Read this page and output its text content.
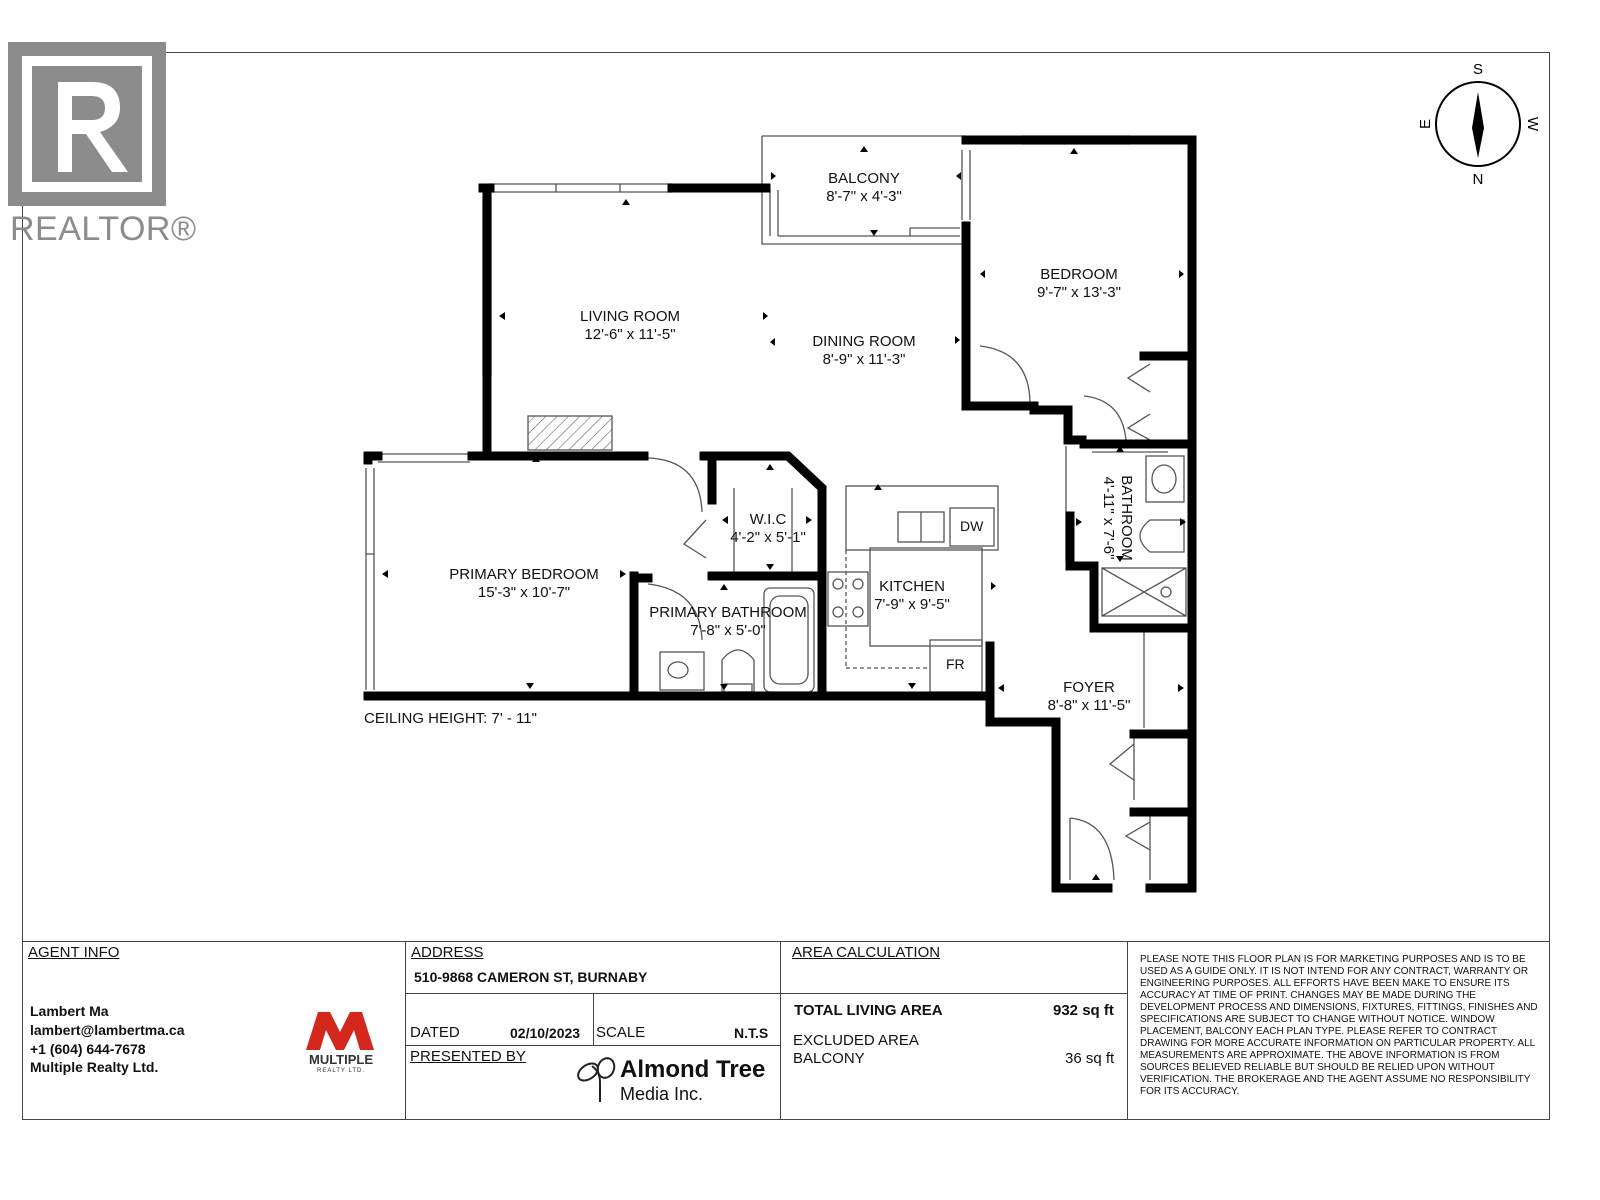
REALTOR®
BALCONY
8'-7" x 4'-3"
BEDROOM
9'-7" x 13'-3"
LIVING ROOM
12'-6" x 11'-5"	DINING ROOM
8'-9" x 11'-3"
W.I.C
4'-2" x 5'-1"
PRIMARY BEDROOM
15'-3" x 10'-7"
PRIMARY BATHROOM
7'-8" x 5'-0"
KITCHEN
7'-9" x 9'-5"
FOYER
8'-8" x 11'-5"
BATHROOM
4'-11" x 7'-6"
DW
FR
CEILING HEIGHT: 7' - 11"
S
N
E	W
AGENT INFO
Lambert Ma
lambert@lambertma.ca
+1 (604) 644-7678
Multiple Realty Ltd.	MULTIPLE
REALTY LTD.
ADDRESS
510-9868 CAMERON ST, BURNABY
DATED	02/10/2023 SCALE	N.T.S
PRESENTED BY	Almond Tree
Media Inc.
AREA CALCULATION
TOTAL LIVING AREA	932 sq ft
EXCLUDED AREA
BALCONY	36 sq ft
PLEASE NOTE THIS FLOOR PLAN IS FOR MARKETING PURPOSES AND IS TO BE USED AS A GUIDE ONLY. IT IS NOT INTEND FOR ANY CONTRACT, WARRANTY OR ENGINEERING PURPOSES. ALL EFFORTS HAVE BEEN MAKE TO ENSURE ITS ACCURACY AT TIME OF PRINT. CHANGES MAY BE MADE DURING THE DEVELOPMENT PROCESS AND DIMENSIONS, FIXTURES, FITTINGS, FINISHES AND SPECIFICATIONS ARE SUBJECT TO CHANGE WITHOUT NOTICE. WINDOW PLACEMENT, BALCONY EACH PLAN TYPE. PLEASE REFER TO CONTRACT DRAWING FOR MORE ACCURATE INFORMATION ON PARTICULAR PROPERTY. ALL MEASUREMENTS ARE APPROXIMATE. THE ABOVE INFORMATION IS FROM SOURCES BELIEVED RELIABLE BUT SHOULD BE RELIED UPON WITHOUT VERIFICATION. THE BROKERAGE AND THE AGENT ASSUME NO RESPONSIBILITY FOR ITS ACCURACY.
